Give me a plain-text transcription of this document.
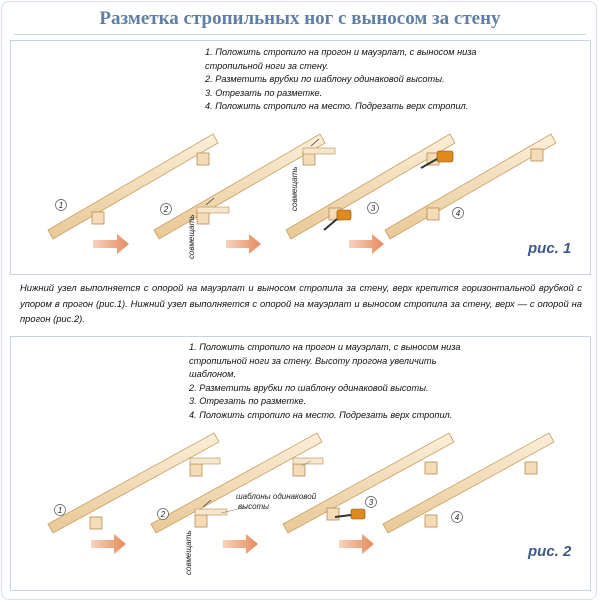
Разметка стропильных ног с выносом за стену
1. Положить стропило на прогон и мауэрлат, с выносом низа
стропильной ноги за стену.
2. Разметить врубки по шаблону одинаковой высоты.
3. Отрезать по разметке.
4. Положить стропило на место. Подрезать верх стропил.
1	2
совмещать
совмещать	3
4
рис. 1
Нижний узел выполняется с опорой на мауэрлат и выносом стропила за стену, верх крепится горизонтальной врубкой с упором в прогон (рис.1). Нижний узел выполняется с опорой на мауэрлат и выносом стропила за стену, верх — с опорой на прогон (рис.2).
1. Положить стропило на прогон и мауэрлат, с выносом низа
стропильной ноги за стену. Высоту прогона увеличить
шаблоном.
2. Разметить врубки по шаблону одинаковой высоты.
3. Отрезать по разметке.
4. Положить стропило на место. Подрезать верх стропил.
1	2
совмещать
шаблоны одинаковой
высоты	3
4
рис. 2
